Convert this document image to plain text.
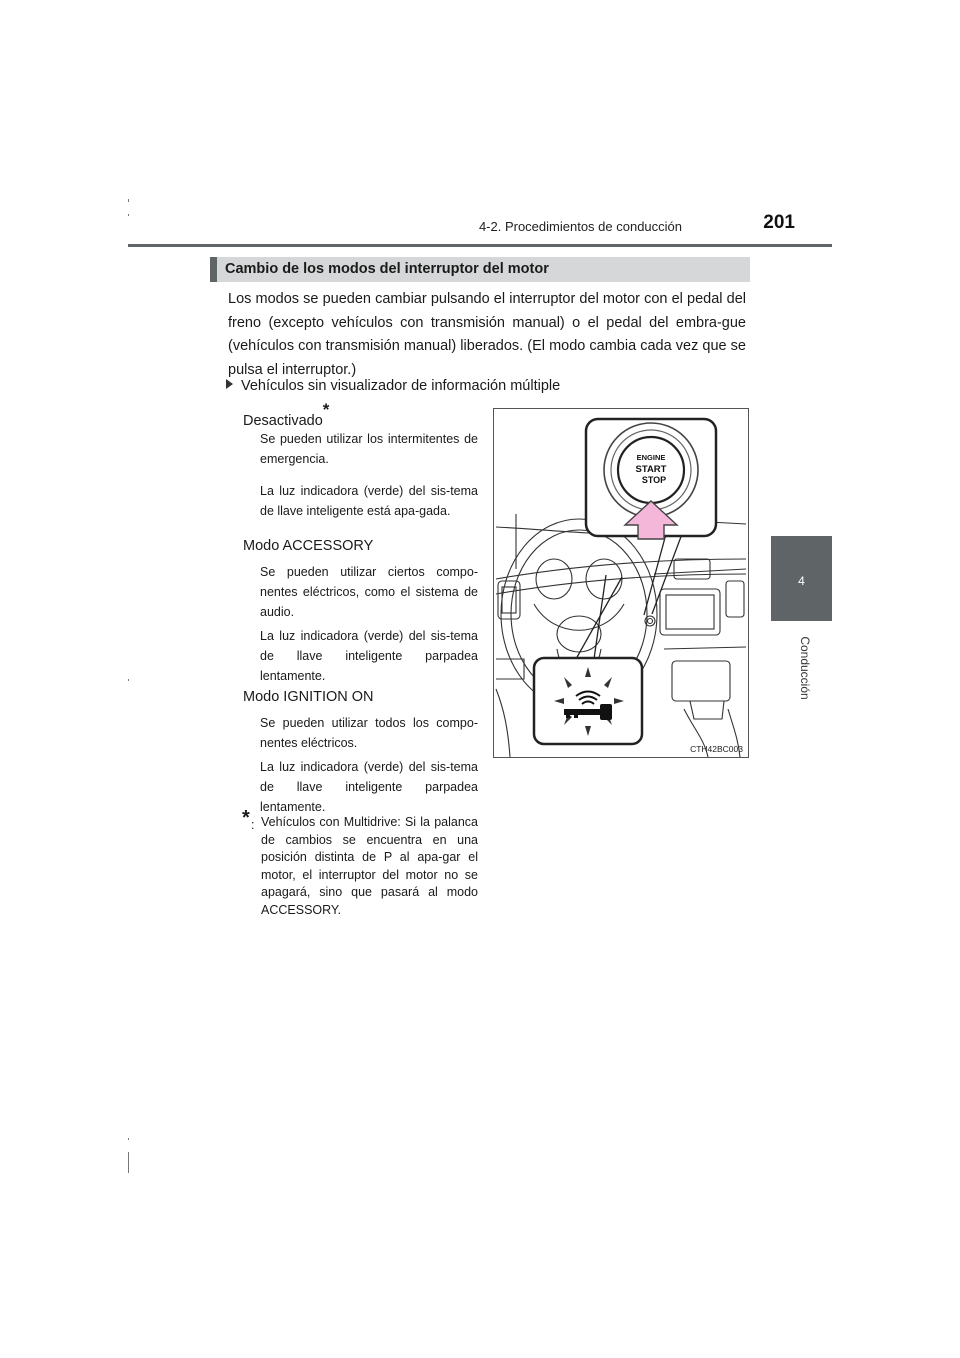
4-2. Procedimientos de conducción	201
4
Conducción
Cambio de los modos del interruptor del motor
Los modos se pueden cambiar pulsando el interruptor del motor con el pedal del freno (excepto vehículos con transmisión manual) o el pedal del embra-gue (vehículos con transmisión manual) liberados. (El modo cambia cada vez que se pulsa el interruptor.)
Vehículos sin visualizador de información múltiple
Desactivado*
Se pueden utilizar los intermitentes de emergencia.
La luz indicadora (verde) del sis-tema de llave inteligente está apa-gada.
Modo ACCESSORY
Se pueden utilizar ciertos compo-nentes eléctricos, como el sistema de audio.
La luz indicadora (verde) del sis-tema de llave inteligente parpadea lentamente.
Modo IGNITION ON
Se pueden utilizar todos los compo-nentes eléctricos.
La luz indicadora (verde) del sis-tema de llave inteligente parpadea lentamente.
* : Vehículos con Multidrive: Si la palanca de cambios se encuentra en una posición distinta de P al apa-gar el motor, el interruptor del motor no se apagará, sino que pasará al modo ACCESSORY.
ENGINE
START
STOP
CTH42BC003
